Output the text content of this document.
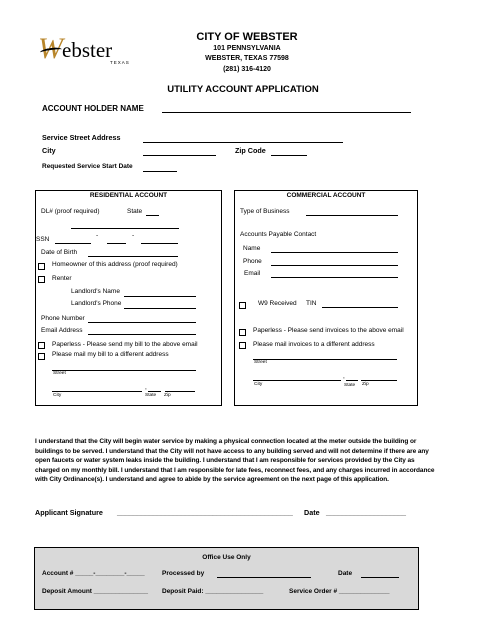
W ebster
TEXAS
CITY OF WEBSTER
101 PENNSYLVANIA
WEBSTER, TEXAS 77598
(281) 316-4120
UTILITY ACCOUNT APPLICATION
ACCOUNT HOLDER NAME
Service Street Address
City	Zip Code
Requested Service Start Date
RESIDENTIAL ACCOUNT
DL# (proof required)	State
SSN
-	-
Date of Birth
Homeowner of this address (proof required)
Renter
Landlord's Name
Landlord's Phone
Phone Number
Email Address
Paperless - Please send my bill to the above email
Please mail my bill to a different address
Street
,
City	State Zip
COMMERCIAL ACCOUNT
Type of Business
Accounts Payable Contact
Name
Phone
Email
W9 Received TIN
Paperless - Please send invoices to the above email
Please mail invoices to a different address
Street
,
City	State Zip
I understand that the City will begin water service by making a physical connection located at the meter outside the building or buildings to be served. I understand that the City will not have access to any building served and will not determine if there are any open faucets or water system leaks inside the building. I understand that I am responsible for services provided by the City as charged on my monthly bill. I understand that I am responsible for late fees, reconnect fees, and any charges incurred in accordance with City Ordinance(s). I understand and agree to abide by the service agreement on the next page of this application.
Applicant Signature ____________________________________________ Date ____________________
Office Use Only
Account # _____-________-_____	Processed by	Date
Deposit Amount _______________ Deposit Paid: ________________	Service Order # ______________
